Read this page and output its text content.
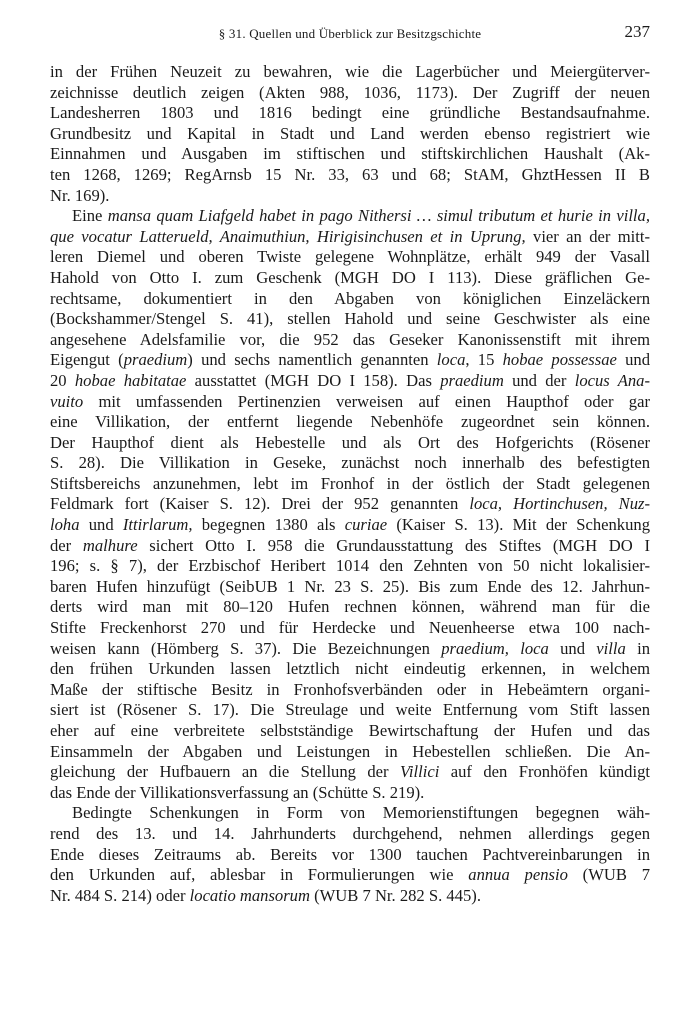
§ 31. Quellen und Überblick zur Besitzgschichte	237
in der Frühen Neuzeit zu bewahren, wie die Lagerbücher und Meiergüterver-
zeichnisse deutlich zeigen (Akten 988, 1036, 1173). Der Zugriff der neuen
Landesherren 1803 und 1816 bedingt eine gründliche Bestandsaufnahme.
Grundbesitz und Kapital in Stadt und Land werden ebenso registriert wie
Einnahmen und Ausgaben im stiftischen und stiftskirchlichen Haushalt (Ak-
ten 1268, 1269; RegArnsb 15 Nr. 33, 63 und 68; StAM, GhztHessen II B
Nr. 169).
Eine mansa quam Liafgeld habet in pago Nithersi … simul tributum et hurie in villa,
que vocatur Latterueld, Anaimuthiun, Hirigisinchusen et in Uprung, vier an der mitt-
leren Diemel und oberen Twiste gelegene Wohnplätze, erhält 949 der Vasall
Hahold von Otto I. zum Geschenk (MGH DO I 113). Diese gräflichen Ge-
rechtsame, dokumentiert in den Abgaben von königlichen Einzeläckern
(Bockshammer/Stengel S. 41), stellen Hahold und seine Geschwister als eine
angesehene Adelsfamilie vor, die 952 das Geseker Kanonissenstift mit ihrem
Eigengut (praedium) und sechs namentlich genannten loca, 15 hobae possessae und
20 hobae habitatae ausstattet (MGH DO I 158). Das praedium und der locus Ana-
vuito mit umfassenden Pertinenzien verweisen auf einen Haupthof oder gar
eine Villikation, der entfernt liegende Nebenhöfe zugeordnet sein können.
Der Haupthof dient als Hebestelle und als Ort des Hofgerichts (Rösener
S. 28). Die Villikation in Geseke, zunächst noch innerhalb des befestigten
Stiftsbereichs anzunehmen, lebt im Fronhof in der östlich der Stadt gelegenen
Feldmark fort (Kaiser S. 12). Drei der 952 genannten loca, Hortinchusen, Nuz-
loha und Ittirlarum, begegnen 1380 als curiae (Kaiser S. 13). Mit der Schenkung
der malhure sichert Otto I. 958 die Grundausstattung des Stiftes (MGH DO I
196; s. § 7), der Erzbischof Heribert 1014 den Zehnten von 50 nicht lokalisier-
baren Hufen hinzufügt (SeibUB 1 Nr. 23 S. 25). Bis zum Ende des 12. Jahrhun-
derts wird man mit 80–120 Hufen rechnen können, während man für die
Stifte Freckenhorst 270 und für Herdecke und Neuenheerse etwa 100 nach-
weisen kann (Hömberg S. 37). Die Bezeichnungen praedium, loca und villa in
den frühen Urkunden lassen letztlich nicht eindeutig erkennen, in welchem
Maße der stiftische Besitz in Fronhofsverbänden oder in Hebeämtern organi-
siert ist (Rösener S. 17). Die Streulage und weite Entfernung vom Stift lassen
eher auf eine verbreitete selbstständige Bewirtschaftung der Hufen und das
Einsammeln der Abgaben und Leistungen in Hebestellen schließen. Die An-
gleichung der Hufbauern an die Stellung der Villici auf den Fronhöfen kündigt
das Ende der Villikationsverfassung an (Schütte S. 219).
Bedingte Schenkungen in Form von Memorienstiftungen begegnen wäh-
rend des 13. und 14. Jahrhunderts durchgehend, nehmen allerdings gegen
Ende dieses Zeitraums ab. Bereits vor 1300 tauchen Pachtvereinbarungen in
den Urkunden auf, ablesbar in Formulierungen wie annua pensio (WUB 7
Nr. 484 S. 214) oder locatio mansorum (WUB 7 Nr. 282 S. 445).
